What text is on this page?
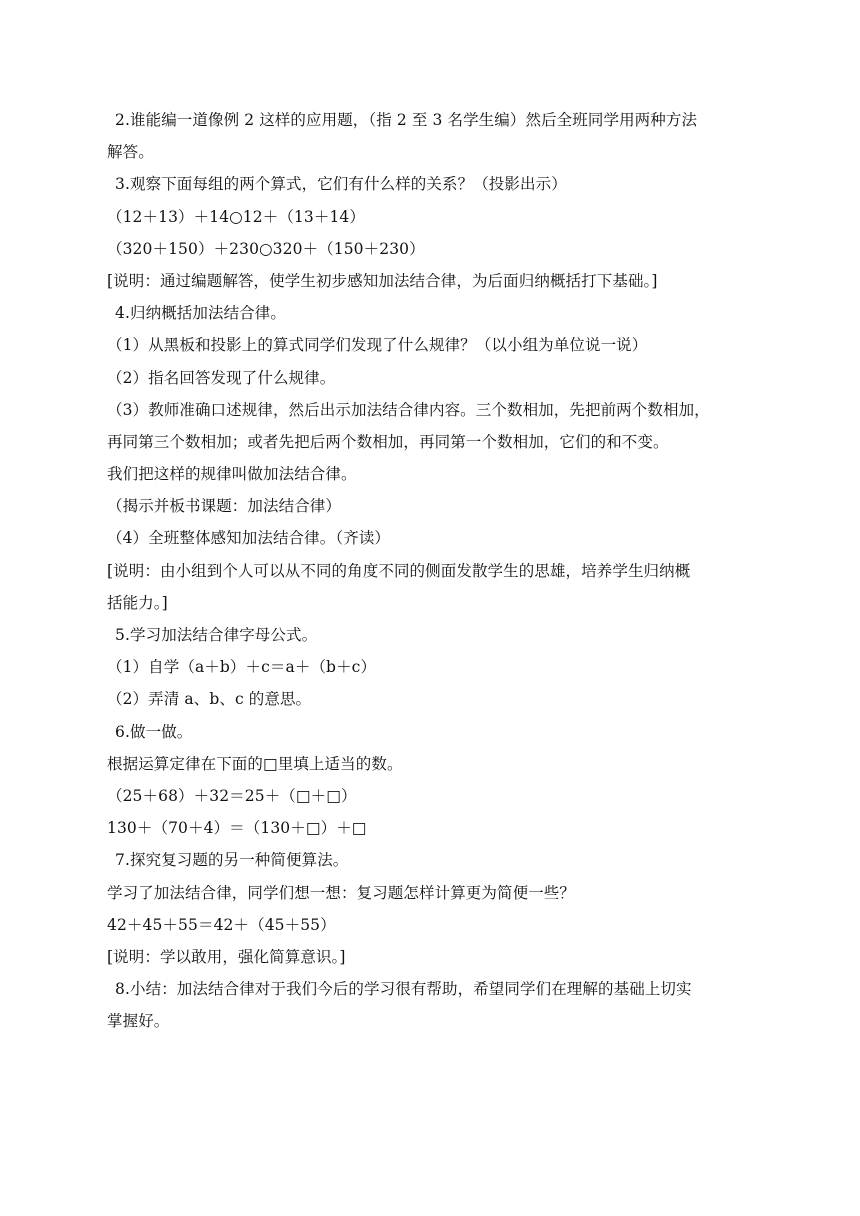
2.谁能编一道像例 2 这样的应用题，（指 2 至 3 名学生编）然后全班同学用两种方法
解答。
3.观察下面每组的两个算式，它们有什么样的关系？（投影出示）
（12＋13）＋14○12＋（13＋14）
（320＋150）＋230○320＋（150＋230）
[说明：通过编题解答，使学生初步感知加法结合律，为后面归纳概括打下基础。]
4.归纳概括加法结合律。
（1）从黑板和投影上的算式同学们发现了什么规律？（以小组为单位说一说）
（2）指名回答发现了什么规律。
（3）教师准确口述规律，然后出示加法结合律内容。三个数相加，先把前两个数相加，
再同第三个数相加；或者先把后两个数相加，再同第一个数相加，它们的和不变。
我们把这样的规律叫做加法结合律。
（揭示并板书课题：加法结合律）
（4）全班整体感知加法结合律。（齐读）
[说明：由小组到个人可以从不同的角度不同的侧面发散学生的思雄，培养学生归纳概
括能力。]
5.学习加法结合律字母公式。
（1）自学（a＋b）＋c＝a＋（b＋c）
（2）弄清 a、b、c 的意思。
6.做一做。
根据运算定律在下面的□里填上适当的数。
（25＋68）＋32＝25＋（□＋□）
130＋（70＋4）＝（130＋□）＋□
7.探究复习题的另一种简便算法。
学习了加法结合律，同学们想一想：复习题怎样计算更为简便一些？
42＋45＋55＝42＋（45＋55）
[说明：学以敢用，强化简算意识。]
8.小结：加法结合律对于我们今后的学习很有帮助，希望同学们在理解的基础上切实
掌握好。
